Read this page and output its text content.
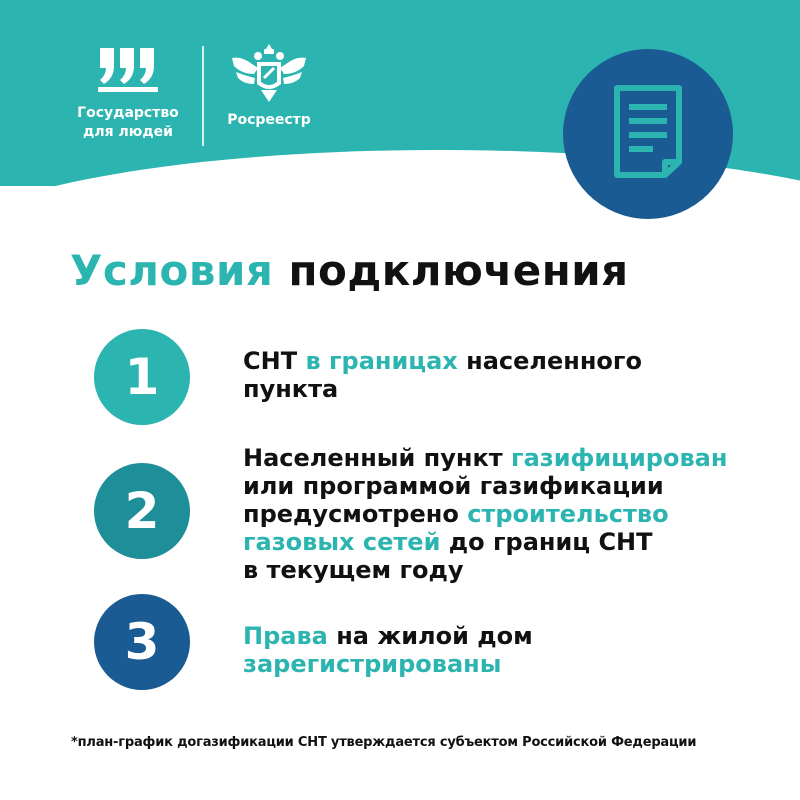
Государство
для людей
Росреестр
Условия подключения
1	СНТ в границах населенного
пункта
2
Населенный пункт газифицирован
или программой газификации
предусмотрено строительство
газовых сетей до границ СНТ
в текущем году
3	Права на жилой дом
зарегистрированы
*план-график догазификации СНТ утверждается субъектом Российской Федерации
